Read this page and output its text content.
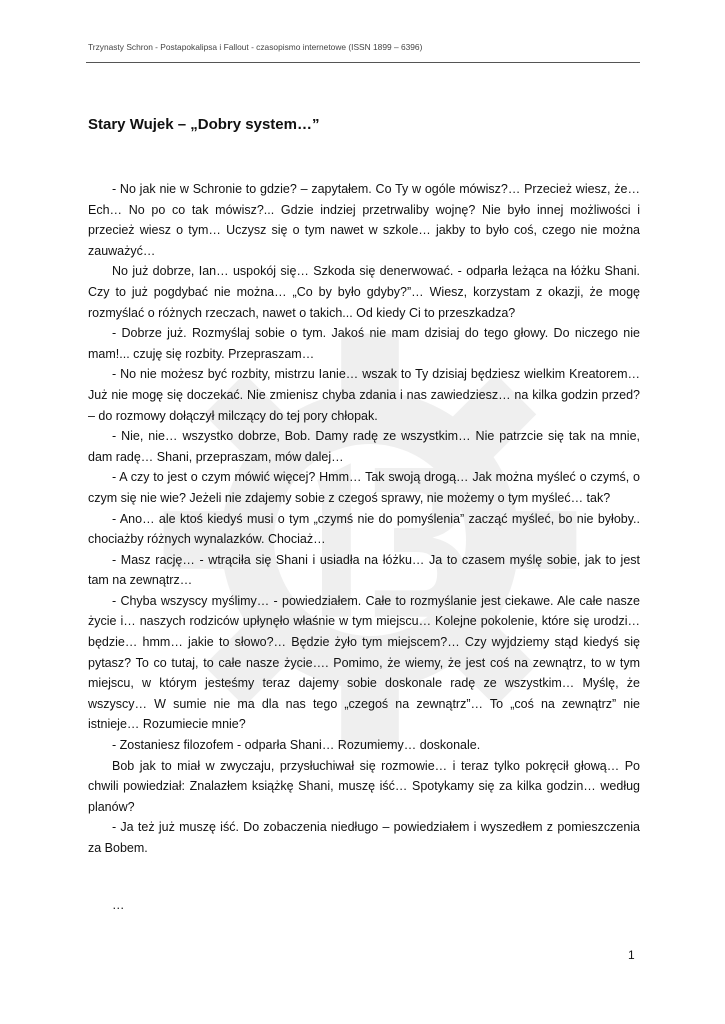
Trzynasty Schron - Postapokalipsa i Fallout - czasopismo internetowe (ISSN 1899 – 6396)
Stary Wujek – „Dobry system…”

- No jak nie w Schronie to gdzie? – zapytałem. Co Ty w ogóle mówisz?… Przecież wiesz, że… Ech… No po co tak mówisz?... Gdzie indziej przetrwaliby wojnę? Nie było innej możliwości i przecież wiesz o tym… Uczysz się o tym nawet w szkole… jakby to było coś, czego nie można zauważyć…

No już dobrze, Ian… uspokój się… Szkoda się denerwować. - odparła leżąca na łóżku Shani. Czy to już pogdybać nie można… „Co by było gdyby?”… Wiesz, korzystam z okazji, że mogę rozmyślać o różnych rzeczach, nawet o takich... Od kiedy Ci to przeszkadza?

- Dobrze już. Rozmyślaj sobie o tym. Jakoś nie mam dzisiaj do tego głowy. Do niczego nie mam!... czuję się rozbity. Przepraszam…

- No nie możesz być rozbity, mistrzu Ianie… wszak to Ty dzisiaj będziesz wielkim Kreatorem… Już nie mogę się doczekać. Nie zmienisz chyba zdania i nas zawiedziesz… na kilka godzin przed? – do rozmowy dołączył milczący do tej pory chłopak.

- Nie, nie… wszystko dobrze, Bob. Damy radę ze wszystkim… Nie patrzcie się tak na mnie, dam radę… Shani, przepraszam, mów dalej…

- A czy to jest o czym mówić więcej? Hmm… Tak swoją drogą… Jak można myśleć o czymś, o czym się nie wie? Jeżeli nie zdajemy sobie z czegoś sprawy, nie możemy o tym myśleć… tak?

- Ano… ale ktoś kiedyś musi o tym „czymś nie do pomyślenia” zacząć myśleć, bo nie byłoby.. chociażby różnych wynalazków. Chociaż…

- Masz rację… - wtrąciła się Shani i usiadła na łóżku… Ja to czasem myślę sobie, jak to jest tam na zewnątrz…

- Chyba wszyscy myślimy… - powiedziałem. Całe to rozmyślanie jest ciekawe. Ale całe nasze życie i… naszych rodziców upłynęło właśnie w tym miejscu… Kolejne pokolenie, które się urodzi… będzie… hmm… jakie to słowo?… Będzie żyło tym miejscem?… Czy wyjdziemy stąd kiedyś się pytasz? To co tutaj, to całe nasze życie…. Pomimo, że wiemy, że jest coś na zewnątrz, to w tym miejscu, w którym jesteśmy teraz dajemy sobie doskonale radę ze wszystkim… Myślę, że wszyscy… W sumie nie ma dla nas tego „czegoś na zewnątrz”… To „coś na zewnątrz” nie istnieje… Rozumiecie mnie?

- Zostaniesz filozofem - odparła Shani… Rozumiemy… doskonale.

Bob jak to miał w zwyczaju, przysłuchiwał się rozmowie… i teraz tylko pokręcił głową… Po chwili powiedział: Znalazłem książkę Shani, muszę iść… Spotykamy się za kilka godzin… według planów?

- Ja też już muszę iść. Do zobaczenia niedługo – powiedziałem i wyszedłem z pomieszczenia za Bobem.

…
1
